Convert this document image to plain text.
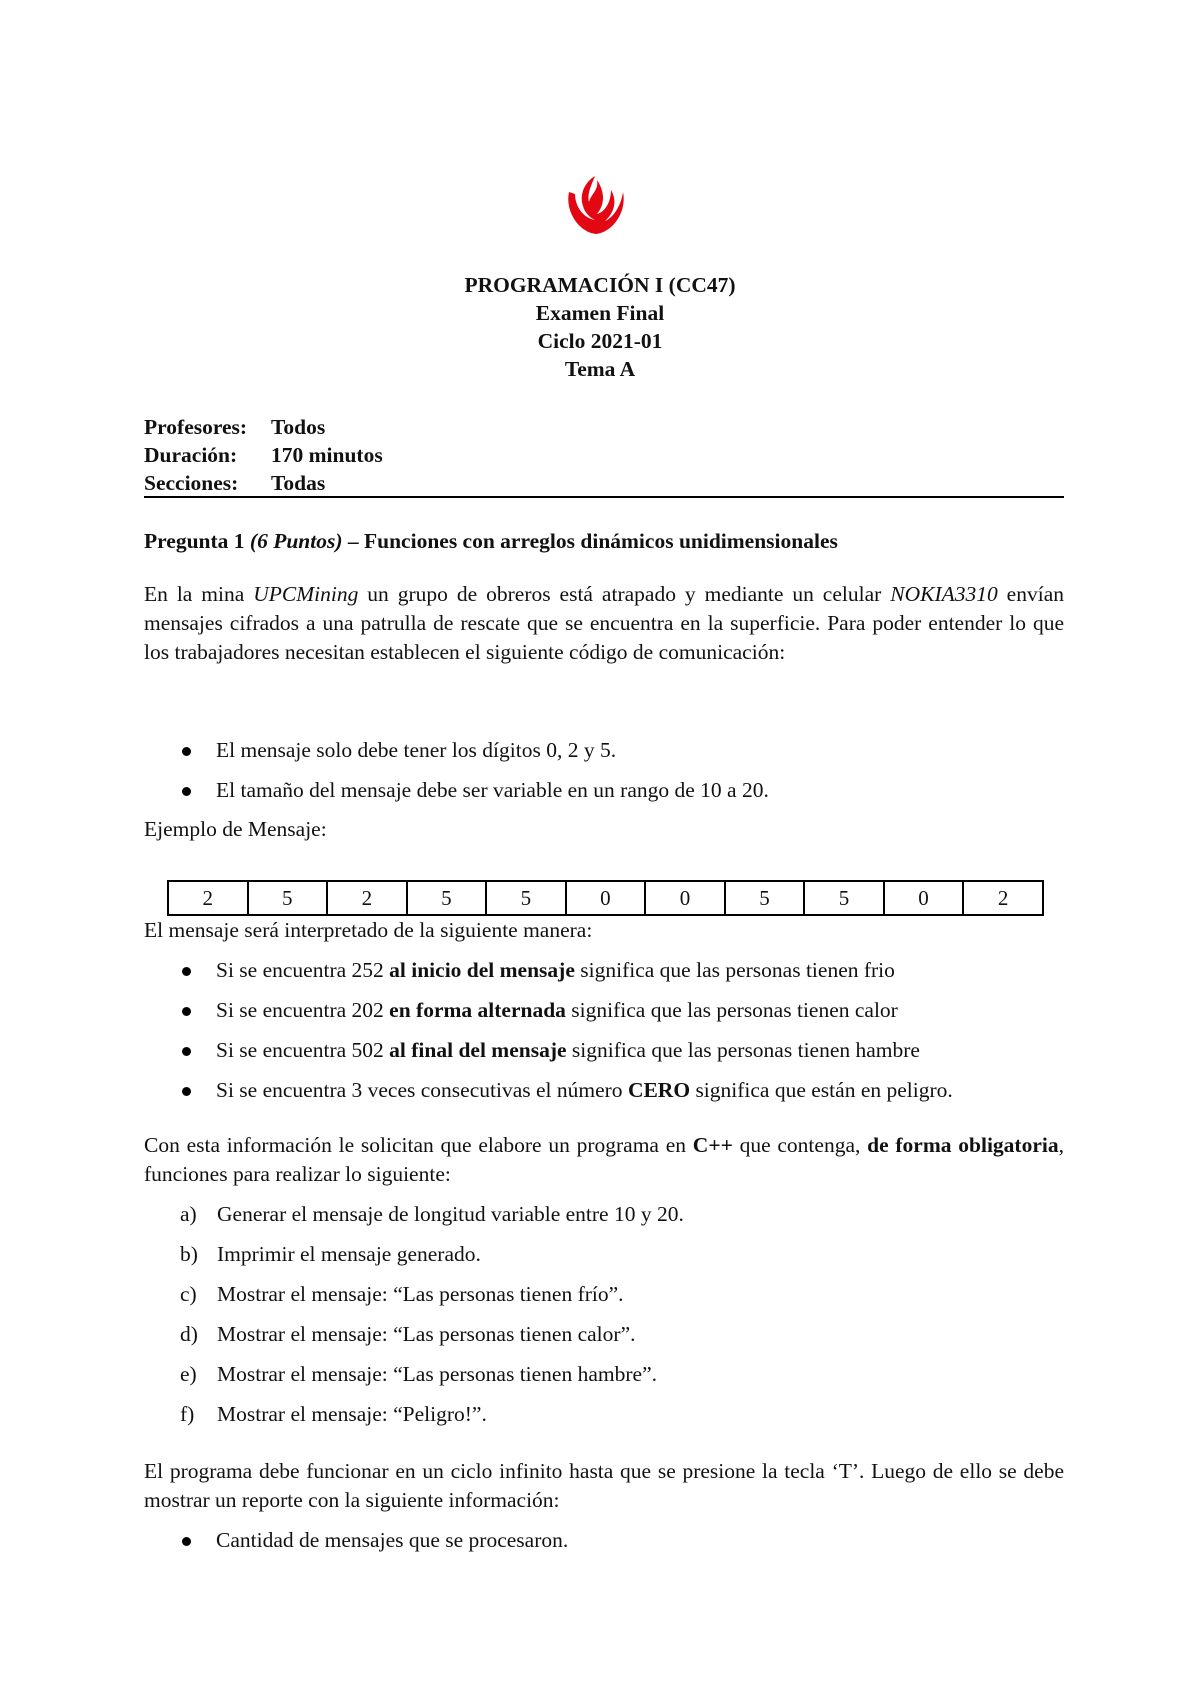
PROGRAMACIÓN I (CC47)
Examen Final
Ciclo 2021-01
Tema A
Profesores:	Todos
Duración:	170 minutos
Secciones:	Todas
Pregunta 1 (6 Puntos) – Funciones con arreglos dinámicos unidimensionales

En la mina UPCMining un grupo de obreros está atrapado y mediante un celular NOKIA3310 envían mensajes cifrados a una patrulla de rescate que se encuentra en la superficie. Para poder entender lo que los trabajadores necesitan establecen el siguiente código de comunicación:

El mensaje solo debe tener los dígitos 0, 2 y 5.
El tamaño del mensaje debe ser variable en un rango de 10 a 20.
Ejemplo de Mensaje:
2	5	2	5	5	0	0	5	5	0	2
El mensaje será interpretado de la siguiente manera:
Si se encuentra 252 al inicio del mensaje significa que las personas tienen frio
Si se encuentra 202 en forma alternada significa que las personas tienen calor
Si se encuentra 502 al final del mensaje significa que las personas tienen hambre
Si se encuentra 3 veces consecutivas el número CERO significa que están en peligro.
Con esta información le solicitan que elabore un programa en C++ que contenga, de forma obligatoria, funciones para realizar lo siguiente:
a) Generar el mensaje de longitud variable entre 10 y 20.
b) Imprimir el mensaje generado.
c) Mostrar el mensaje: “Las personas tienen frío”.
d) Mostrar el mensaje: “Las personas tienen calor”.
e) Mostrar el mensaje: “Las personas tienen hambre”.
f) Mostrar el mensaje: “Peligro!”.
El programa debe funcionar en un ciclo infinito hasta que se presione la tecla ‘T’. Luego de ello se debe mostrar un reporte con la siguiente información:
Cantidad de mensajes que se procesaron.
